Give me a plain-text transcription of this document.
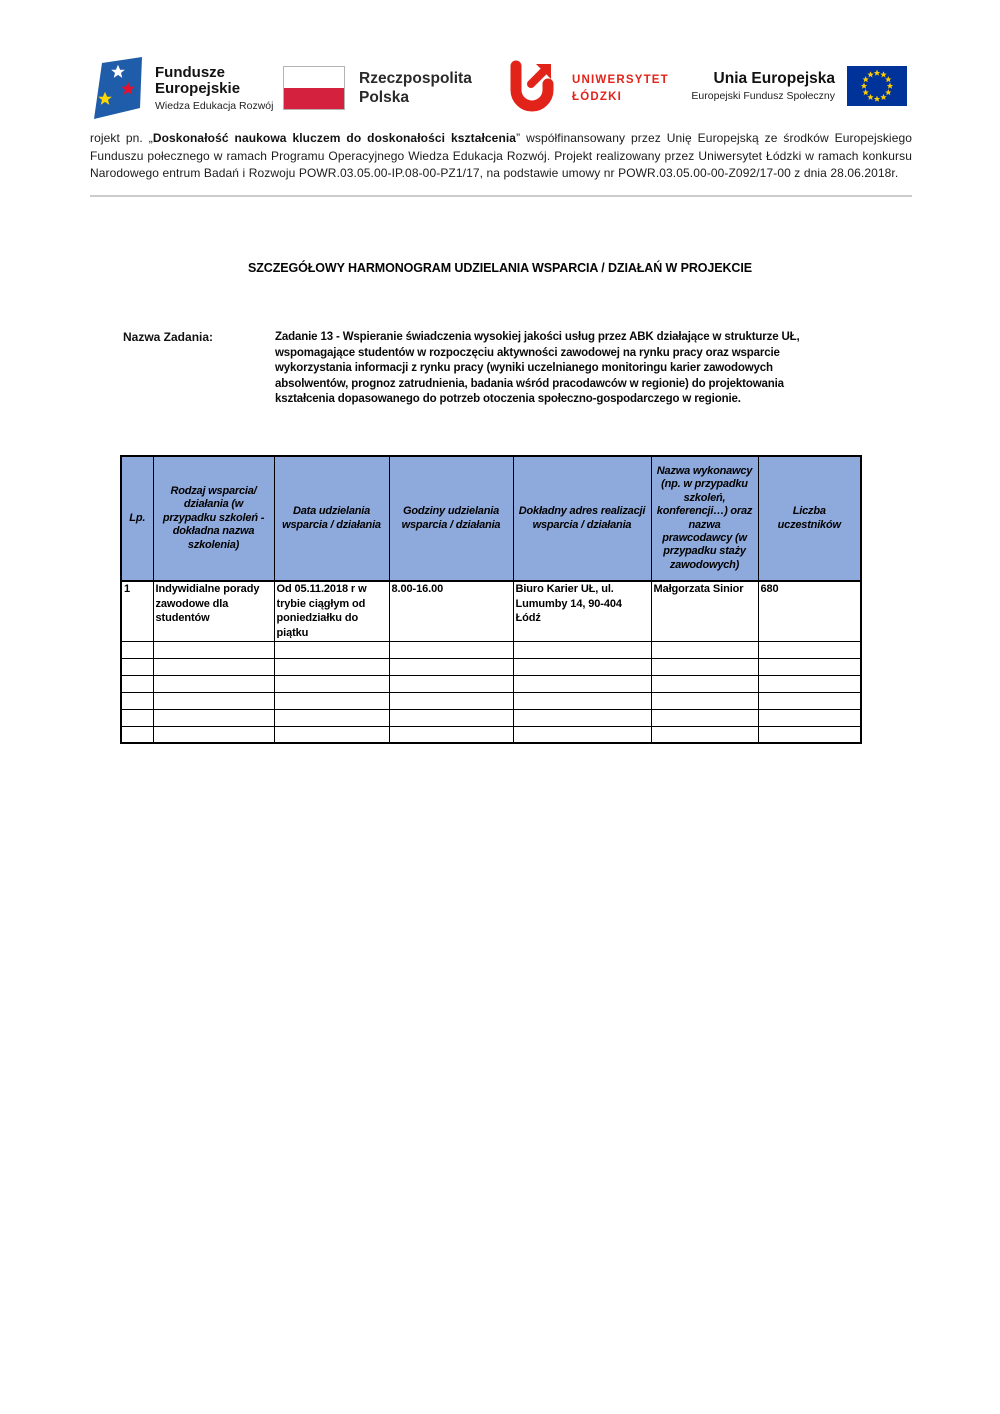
Fundusze
Europejskie
Wiedza Edukacja Rozwój
Rzeczpospolita
Polska
UNIWERSYTET
ŁÓDZKI
Unia Europejska
Europejski Fundusz Społeczny

rojekt pn. „Doskonałość naukowa kluczem do doskonałości kształcenia” współfinansowany przez Unię Europejską ze środków Europejskiego Funduszu połecznego w ramach Programu Operacyjnego Wiedza Edukacja Rozwój. Projekt realizowany przez Uniwersytet Łódzki w ramach konkursu Narodowego entrum Badań i Rozwoju POWR.03.05.00-IP.08-00-PZ1/17, na podstawie umowy nr POWR.03.05.00-00-Z092/17-00 z dnia 28.06.2018r.

SZCZEGÓŁOWY HARMONOGRAM UDZIELANIA WSPARCIA / DZIAŁAŃ W PROJEKCIE
Nazwa Zadania:	Zadanie 13 - Wspieranie świadczenia wysokiej jakości usług przez ABK działające w strukturze UŁ, wspomagające studentów w rozpoczęciu aktywności zawodowej na rynku pracy oraz wsparcie wykorzystania informacji z rynku pracy (wyniki uczelnianego monitoringu karier zawodowych absolwentów, prognoz zatrudnienia, badania wśród pracodawców w regionie) do projektowania kształcenia dopasowanego do potrzeb otoczenia społeczno-gospodarczego w regionie.
Lp.	Rodzaj wsparcia/ działania (w przypadku szkoleń - dokładna nazwa szkolenia)	Data udzielania wsparcia / działania	Godziny udzielania wsparcia / działania	Dokładny adres realizacji wsparcia / działania	Nazwa wykonawcy (np. w przypadku szkoleń, konferencji…) oraz nazwa prawcodawcy (w przypadku staży zawodowych)	Liczba uczestników

1	Indywidialne porady zawodowe dla studentów	Od 05.11.2018 r w trybie ciągłym od poniedziałku do piątku	8.00-16.00	Biuro Karier UŁ, ul. Lumumby 14, 90-404 Łódź	Małgorzata Sinior	680
